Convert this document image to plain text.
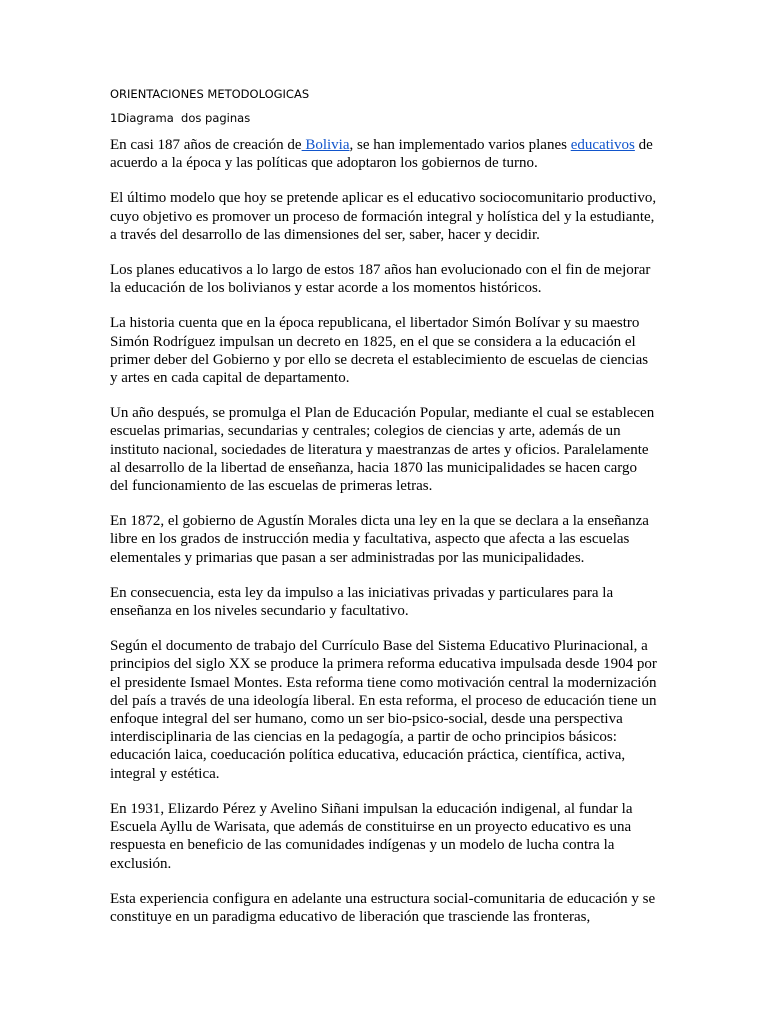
ORIENTACIONES METODOLOGICAS
1Diagrama  dos paginas

En casi 187 años de creación de Bolivia, se han implementado varios planes educativos de acuerdo a la época y las políticas que adoptaron los gobiernos de turno.

El último modelo que hoy se pretende aplicar es el educativo sociocomunitario productivo, cuyo objetivo es promover un proceso de formación integral y holística del y la estudiante, a través del desarrollo de las dimensiones del ser, saber, hacer y decidir.

Los planes educativos a lo largo de estos 187 años han evolucionado con el fin de mejorar la educación de los bolivianos y estar acorde a los momentos históricos.

La historia cuenta que en la época republicana, el libertador Simón Bolívar y su maestro Simón Rodríguez impulsan un decreto en 1825, en el que se considera a la educación el primer deber del Gobierno y por ello se decreta el establecimiento de escuelas de ciencias y artes en cada capital de departamento.

Un año después, se promulga el Plan de Educación Popular, mediante el cual se establecen escuelas primarias, secundarias y centrales; colegios de ciencias y arte, además de un instituto nacional, sociedades de literatura y maestranzas de artes y oficios. Paralelamente al desarrollo de la libertad de enseñanza, hacia 1870 las municipalidades se hacen cargo del funcionamiento de las escuelas de primeras letras.

En 1872, el gobierno de Agustín Morales dicta una ley en la que se declara a la enseñanza libre en los grados de instrucción media y facultativa, aspecto que afecta a las escuelas elementales y primarias que pasan a ser administradas por las municipalidades.

En consecuencia, esta ley da impulso a las iniciativas privadas y particulares para la enseñanza en los niveles secundario y facultativo.

Según el documento de trabajo del Currículo Base del Sistema Educativo Plurinacional, a principios del siglo XX se produce la primera reforma educativa impulsada desde 1904 por el presidente Ismael Montes. Esta reforma tiene como motivación central la modernización del país a través de una ideología liberal. En esta reforma, el proceso de educación tiene un enfoque integral del ser humano, como un ser bio-psico-social, desde una perspectiva interdisciplinaria de las ciencias en la pedagogía, a partir de ocho principios básicos: educación laica, coeducación política educativa, educación práctica, científica, activa, integral y estética.

En 1931, Elizardo Pérez y Avelino Siñani impulsan la educación indigenal, al fundar la Escuela Ayllu de Warisata, que además de constituirse en un proyecto educativo es una respuesta en beneficio de las comunidades indígenas y un modelo de lucha contra la exclusión.

Esta experiencia configura en adelante una estructura social-comunitaria de educación y se constituye en un paradigma educativo de liberación que trasciende las fronteras,
